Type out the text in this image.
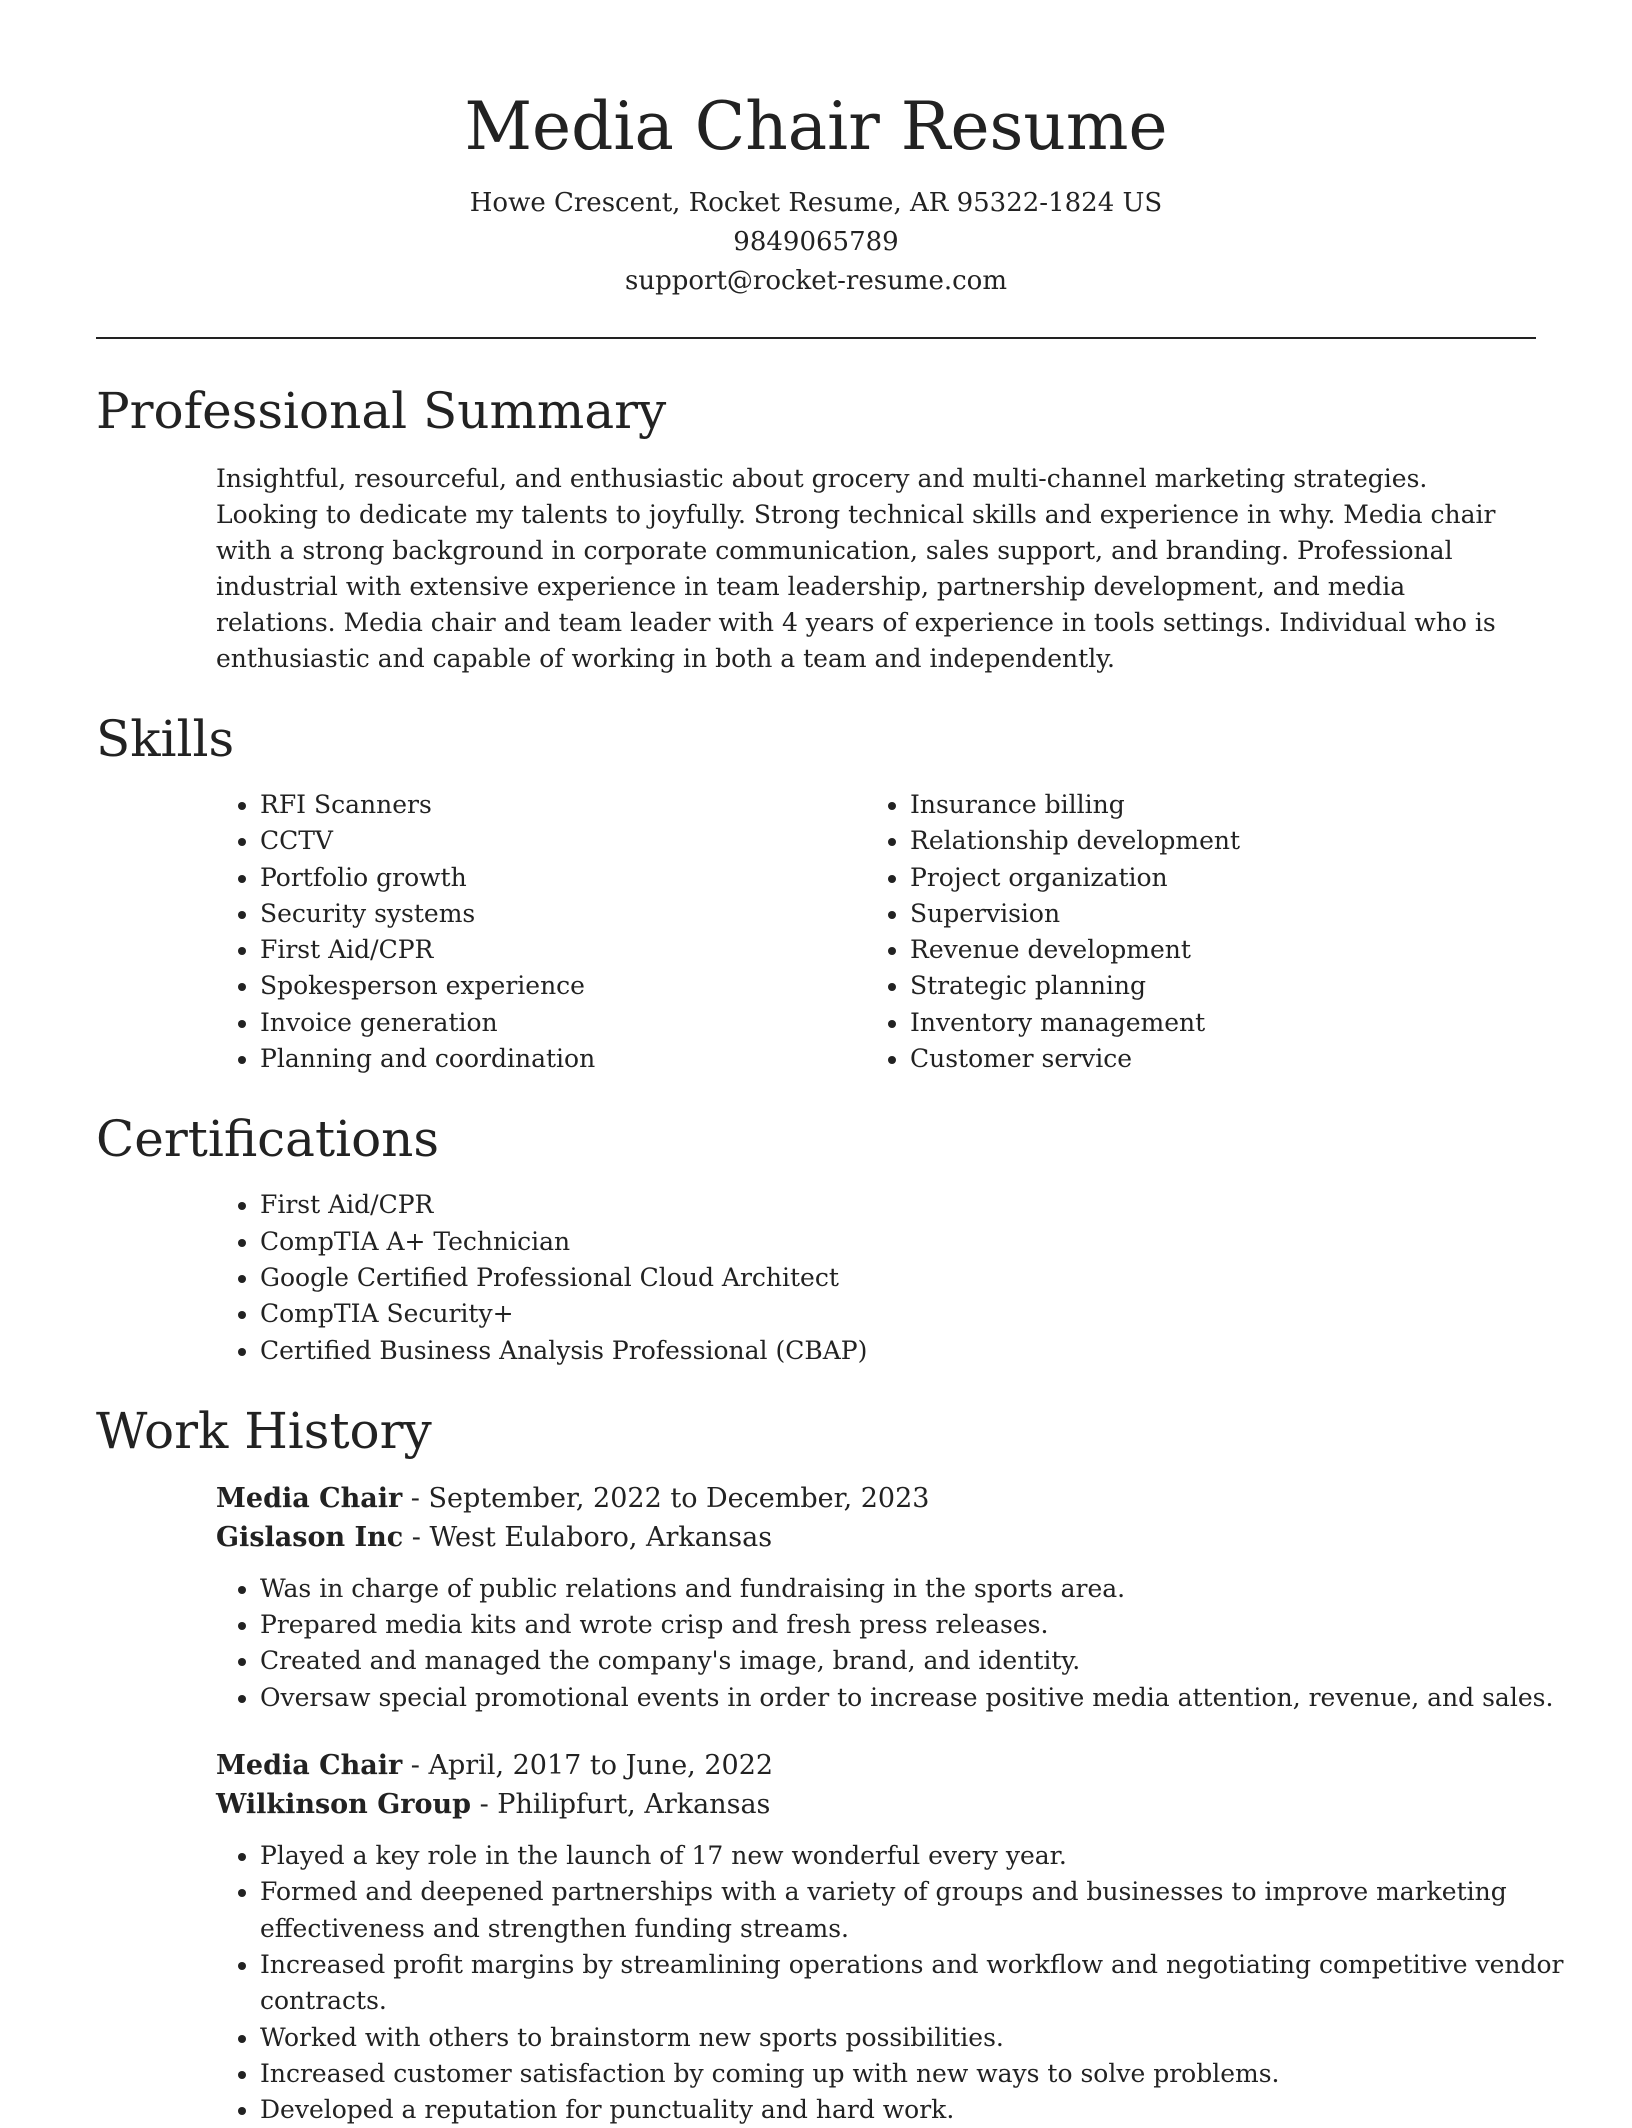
Media Chair Resume
Howe Crescent, Rocket Resume, AR 95322-1824 US
9849065789
support@rocket-resume.com
Professional Summary
Insightful, resourceful, and enthusiastic about grocery and multi-channel marketing strategies. Looking to dedicate my talents to joyfully. Strong technical skills and experience in why. Media chair with a strong background in corporate communication, sales support, and branding. Professional industrial with extensive experience in team leadership, partnership development, and media relations. Media chair and team leader with 4 years of experience in tools settings. Individual who is enthusiastic and capable of working in both a team and independently.
Skills
• RFI Scanners
• CCTV
• Portfolio growth
• Security systems
• First Aid/CPR
• Spokesperson experience
• Invoice generation
• Planning and coordination
• Insurance billing
• Relationship development
• Project organization
• Supervision
• Revenue development
• Strategic planning
• Inventory management
• Customer service
Certifications
• First Aid/CPR
• CompTIA A+ Technician
• Google Certified Professional Cloud Architect
• CompTIA Security+
• Certified Business Analysis Professional (CBAP)
Work History
Media Chair - September, 2022 to December, 2023
Gislason Inc - West Eulaboro, Arkansas
• Was in charge of public relations and fundraising in the sports area.
• Prepared media kits and wrote crisp and fresh press releases.
• Created and managed the company's image, brand, and identity.
• Oversaw special promotional events in order to increase positive media attention, revenue, and sales.
Media Chair - April, 2017 to June, 2022
Wilkinson Group - Philipfurt, Arkansas
• Played a key role in the launch of 17 new wonderful every year.
• Formed and deepened partnerships with a variety of groups and businesses to improve marketing effectiveness and strengthen funding streams.
• Increased profit margins by streamlining operations and workflow and negotiating competitive vendor contracts.
• Worked with others to brainstorm new sports possibilities.
• Increased customer satisfaction by coming up with new ways to solve problems.
• Developed a reputation for punctuality and hard work.
